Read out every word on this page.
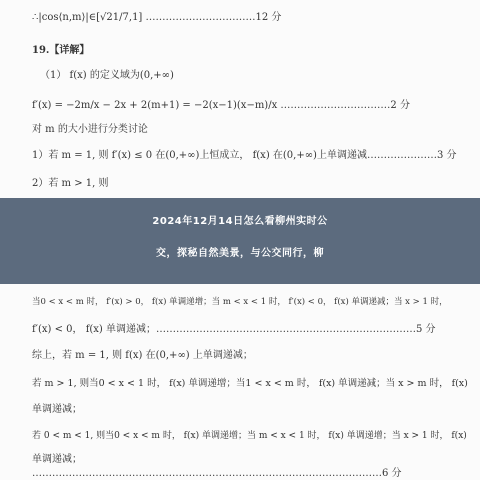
∴|cos⟨n,m⟩|∈[√21/7,1] ……………………………12 分
19.【详解】
（1） f(x) 的定义域为(0,+∞)
f′(x) = −2m/x − 2x + 2(m+1) = −2(x−1)(x−m)/x ……………………………2 分
对 m 的大小进行分类讨论
1）若 m = 1, 则 f′(x) ≤ 0 在(0,+∞)上恒成立， f(x) 在(0,+∞)上单调递减…………………3 分
2）若 m > 1, 则
当0 < x < m 时， f′(x) > 0， f(x) 单调递增；当 m < x < 1 时， f′(x) < 0， f(x) 单调递减；当 x > 1 时，
f′(x) < 0， f(x) 单调递减；……………………………………………………………………5 分
综上，若 m = 1, 则 f(x) 在(0,+∞) 上单调递减；
若 m > 1, 则当0 < x < 1 时， f(x) 单调递增；当1 < x < m 时， f(x) 单调递减；当 x > m 时， f(x)
单调递减；
若 0 < m < 1, 则当0 < x < m 时， f(x) 单调递增；当 m < x < 1 时， f(x) 单调递增；当 x > 1 时， f(x)
单调递减；
……………………………………………………………………………………………6 分
2024年12月14日怎么看柳州实时公
交，探秘自然美景，与公交同行，柳
